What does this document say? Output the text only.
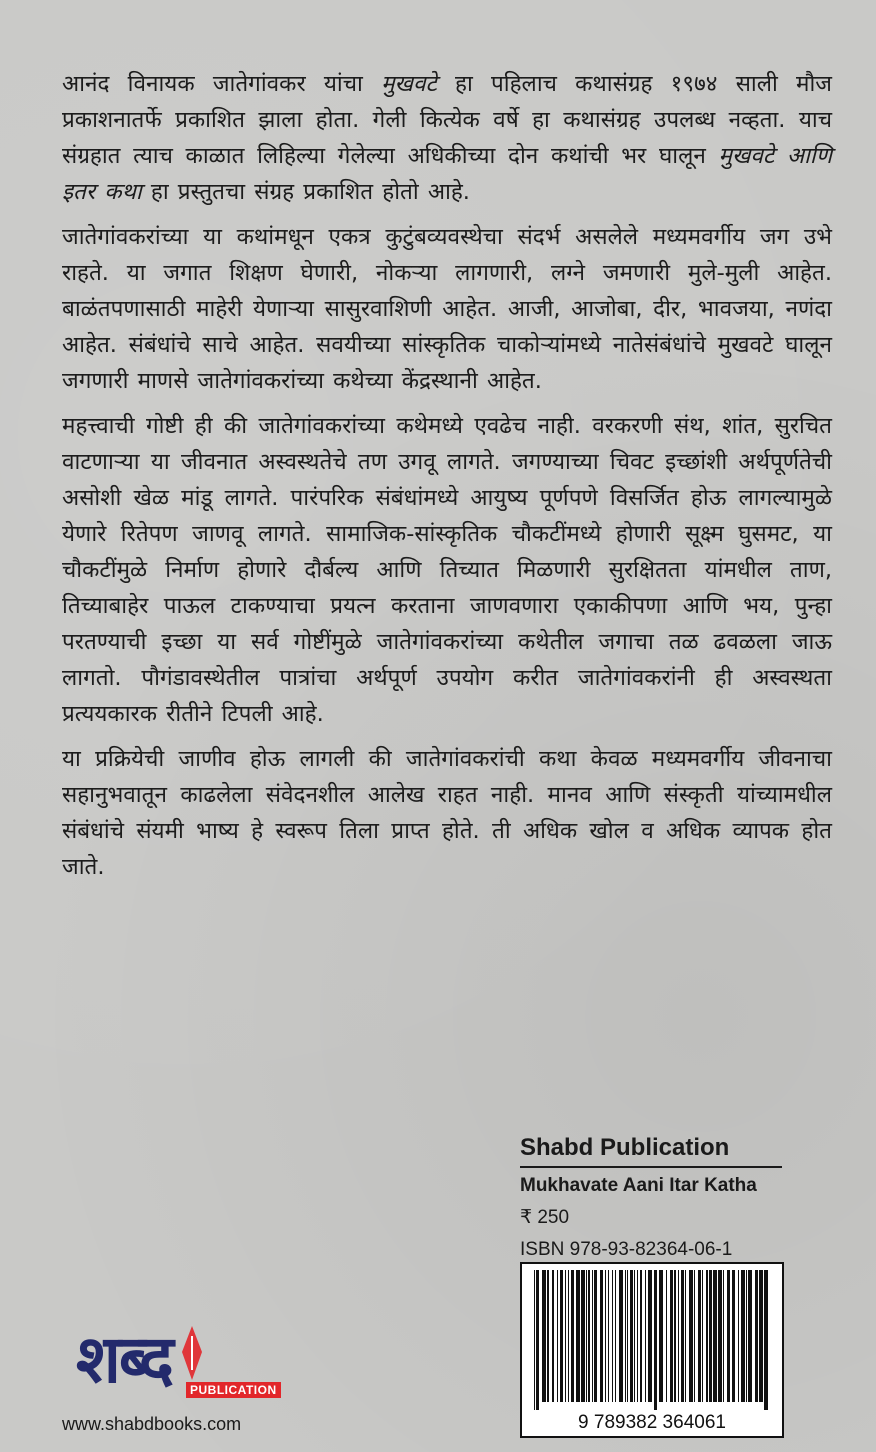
आनंद विनायक जातेगांवकर यांचा मुखवटे हा पहिलाच कथासंग्रह १९७४ साली मौज प्रकाशनातर्फे प्रकाशित झाला होता. गेली कित्येक वर्षे हा कथासंग्रह उपलब्ध नव्हता. याच संग्रहात त्याच काळात लिहिल्या गेलेल्या अधिकीच्या दोन कथांची भर घालून मुखवटे आणि इतर कथा हा प्रस्तुतचा संग्रह प्रकाशित होतो आहे.

जातेगांवकरांच्या या कथांमधून एकत्र कुटुंबव्यवस्थेचा संदर्भ असलेले मध्यमवर्गीय जग उभे राहते. या जगात शिक्षण घेणारी, नोकऱ्या लागणारी, लग्ने जमणारी मुले-मुली आहेत. बाळंतपणासाठी माहेरी येणाऱ्या सासुरवाशिणी आहेत. आजी, आजोबा, दीर, भावजया, नणंदा आहेत. संबंधांचे साचे आहेत. सवयीच्या सांस्कृतिक चाकोऱ्यांमध्ये नातेसंबंधांचे मुखवटे घालून जगणारी माणसे जातेगांवकरांच्या कथेच्या केंद्रस्थानी आहेत.

महत्त्वाची गोष्टी ही की जातेगांवकरांच्या कथेमध्ये एवढेच नाही. वरकरणी संथ, शांत, सुरचित वाटणाऱ्या या जीवनात अस्वस्थतेचे तण उगवू लागते. जगण्याच्या चिवट इच्छांशी अर्थपूर्णतेची असोशी खेळ मांडू लागते. पारंपरिक संबंधांमध्ये आयुष्य पूर्णपणे विसर्जित होऊ लागल्यामुळे येणारे रितेपण जाणवू लागते. सामाजिक-सांस्कृतिक चौकटींमध्ये होणारी सूक्ष्म घुसमट, या चौकटींमुळे निर्माण होणारे दौर्बल्य आणि तिच्यात मिळणारी सुरक्षितता यांमधील ताण, तिच्याबाहेर पाऊल टाकण्याचा प्रयत्न करताना जाणवणारा एकाकीपणा आणि भय, पुन्हा परतण्याची इच्छा या सर्व गोष्टींमुळे जातेगांवकरांच्या कथेतील जगाचा तळ ढवळला जाऊ लागतो. पौगंडावस्थेतील पात्रांचा अर्थपूर्ण उपयोग करीत जातेगांवकरांनी ही अस्वस्थता प्रत्ययकारक रीतीने टिपली आहे.

या प्रक्रियेची जाणीव होऊ लागली की जातेगांवकरांची कथा केवळ मध्यमवर्गीय जीवनाचा सहानुभवातून काढलेला संवेदनशील आलेख राहत नाही. मानव आणि संस्कृती यांच्यामधील संबंधांचे संयमी भाष्य हे स्वरूप तिला प्राप्त होते. ती अधिक खोल व अधिक व्यापक होत जाते.

Shabd Publication
Mukhavate Aani Itar Katha
₹ 250
ISBN 978-93-82364-06-1
9 789382 364061
शब्द	PUBLICATION
www.shabdbooks.com
